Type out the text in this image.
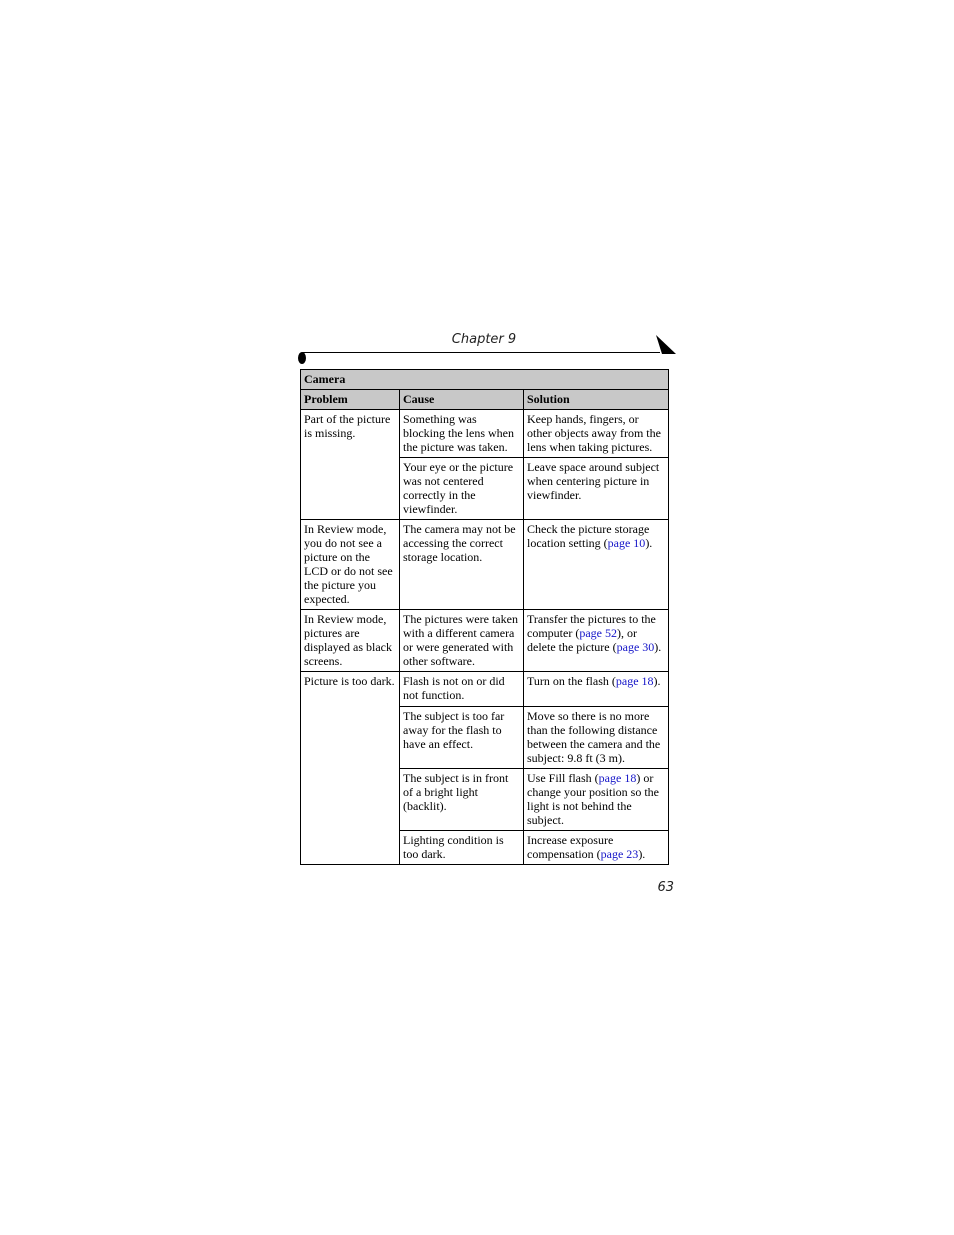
Chapter 9
Camera		
Problem	Cause	Solution
Part of the picture is missing.	Something was blocking the lens when the picture was taken.	Keep hands, fingers, or other objects away from the lens when taking pictures.
	Your eye or the picture was not centered correctly in the viewfinder.	Leave space around subject when centering picture in viewfinder.
In Review mode, you do not see a picture on the LCD or do not see the picture you expected.	The camera may not be accessing the correct storage location.	Check the picture storage location setting (page 10).
In Review mode, pictures are displayed as black screens.	The pictures were taken with a different camera or were generated with other software.	Transfer the pictures to the computer (page 52), or delete the picture (page 30).
Picture is too dark.	Flash is not on or did not function.	Turn on the flash (page 18).
	The subject is too far away for the flash to have an effect.	Move so there is no more than the following distance between the camera and the subject: 9.8 ft (3 m).
	The subject is in front of a bright light (backlit).	Use Fill flash (page 18) or change your position so the light is not behind the subject.
	Lighting condition is too dark.	Increase exposure compensation (page 23).
63
